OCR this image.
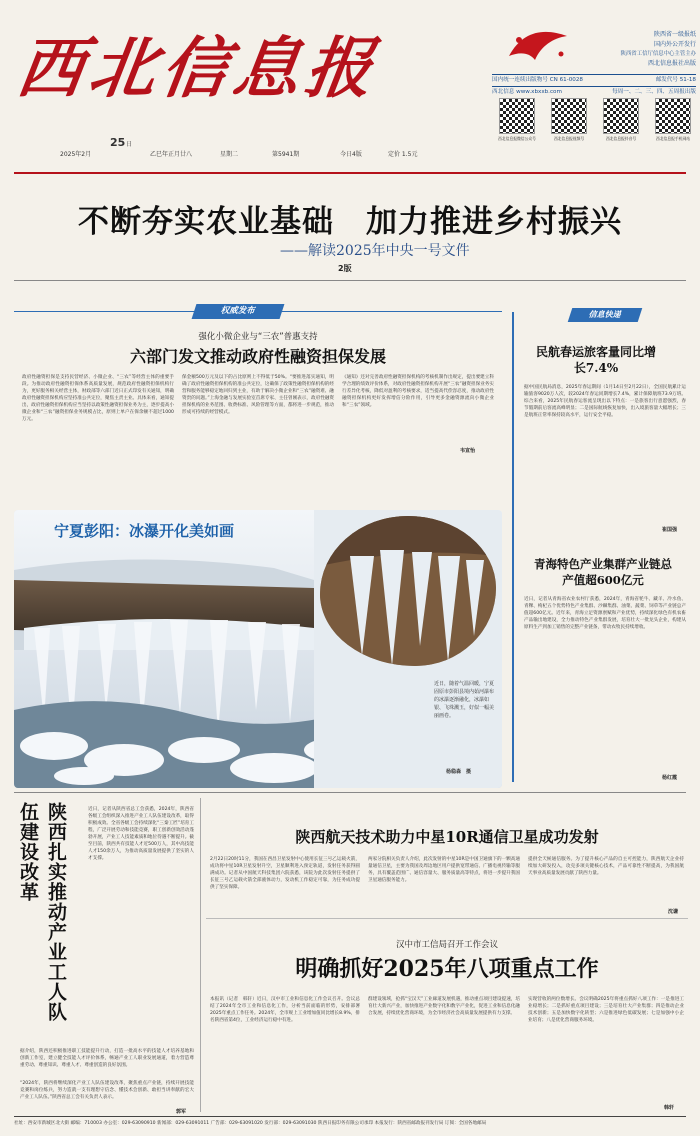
西北信息报	陕西省一级报纸
国内外公开发行
陕西省工信厅信息中心主管主办
西北信息报社出版
国内统一连续出版物号 CN 61-0028	邮发代号 51-18
西北信息 www.xbxxb.com	每周一、二、三、四、五周报出版
西北信息报微信公众号	西北信息报视频号	西北信息报抖音号	西北信息报手机网站
25 日
2025年2月	乙巳年正月廿八	星期二	第5941期	今日4版	定价 1.5元
不断夯实农业基础　加力推进乡村振兴
——解读2025年中央一号文件
2版
权威发布
强化小微企业与“三农”普惠支持
六部门发文推动政府性融资担保发展
政府性融资担保是支持民营经济、小微企业、“三农”等经营主体的重要手段。为推动政府性融资担保体系高质量发展，规范政府性融资担保机构行为，更好服务相关经营主体，财政部等六部门近日正式印发有关通知，明确政府性融资担保机构应坚持准公共定位，聚焦主责主业。具体来看，通知提出，政府性融资担保机构应当坚持以政策性融资担保业务为主，逐步提高小微企业和“三农”融资担保业务规模占比，原则上单户在保余额不超过1000万元。
保金额500万元及以下的占比原则上不得低于50%。“要推进落实通知，明确了政府性融资担保机构的准公共定位，这确保了政策性融资担保机构的经营和服务能够稳定地回归到主业，有助于解决小微企业和“三农”融资难、融资贵的问题。”上海金融与发展实验室首席专家、主任曾刚表示，政府性融资担保机构的业务范围、收费标准、风险管理等方面，都将进一步规范，推动形成可持续的经营模式。
《通知》还对完善政府性融资担保机构的考核机制作出规定，提出要建立科学合理的绩效评价体系，对政府性融资担保机构开展“三农”融资担保业务实行差异化考核，降低对盈利的考核要求，适当提高代偿容忍度，推动政府性融资担保机构更好发挥增信分险作用，引导更多金融资源流向小微企业和“三农”领域。
韦宣怡
宁夏彭阳：冰瀑开化美如画
近日，随着气温回暖，宁夏固原市彭阳县境内茹河瀑布的冰瀑逐渐融化，冰瀑如银、飞珠溅玉，好似一幅美丽画卷。
杨稳森　摄
信息快递
民航春运旅客量同比增长7.4%
据中国民航局消息，2025年春运期间（1月14日至2月22日），全国民航累计运输旅客9020万人次，较2024年春运同期增长7.4%，累计保障航班73.9万班。综合来看，2025年民航春运客流呈现出以下特点：一是旅客出行意愿强烈，春节假期前后客流高峰明显；二是国际航线恢复加快，出入境旅客量大幅增长；三是航班正常率保持较高水平，运行安全平稳。
崔国强
青海特色产业集群产业链总产值超600亿元
近日，记者从青海省农业农村厅获悉，2024年，青海省牦牛、藏羊、冷水鱼、青稞、枸杞五个优势特色产业集群、沙棘集群、油菜、蔬菜、饲草等产业链总产值超600亿元。近年来，青海立足资源禀赋和产业优势，持续深化绿色有机农畜产品输出地建设，全力推动特色产业集群发展，培育壮大一批龙头企业，构建从原料生产到加工销售的完整产业链条，带动农牧民持续增收。
杨红霞
陕西扎实推动产业工人队伍建设改革	近日，记者从陕西省总工会获悉，2024年，陕西省各级工会组织深入推进产业工人队伍建设改革，取得积极成效。全省各级工会持续深化“三秦工匠”培育工程，广泛开展劳动和技能竞赛，职工创新创效活动蓬勃开展，产业工人技能素质和地位待遇不断提升。截至目前，陕西共有技能人才近500万人，其中高技能人才150余万人，为推动高质量发展提供了坚实的人才支撑。
据介绍，陕西还积极推进职工技能提升行动，打造一批高水平的技能人才培养基地和创新工作室，建立健全技能人才评价体系，畅通产业工人职业发展通道，着力营造尊重劳动、尊重知识、尊重人才、尊重创造的良好氛围。
“2024年，陕西将继续深化产业工人队伍建设改革，聚焦重点产业链，持续开展技能竞赛和岗位练兵，努力造就一支有理想守信念、懂技术会创新、敢担当讲奉献的宏大产业工人队伍。”陕西省总工会有关负责人表示。
郭军
陕西航天技术助力中星10R通信卫星成功发射
2月22日20时11分，我国在西昌卫星发射中心使用长征三号乙运载火箭，成功将中星10R卫星发射升空，卫星顺利进入预定轨道，发射任务获得圆满成功。记者从中国航天科技集团六院获悉，该院为此次发射任务提供了长征三号乙运载火箭全部液体动力，发动机工作稳定可靠，为任务成功提供了坚实保障。
两家分院相关负责人介绍，此次发射的中星10R是中国卫通旗下的一颗高通量通信卫星，主要为我国及周边地区用户提供宽带通信、广播电视传输等服务，具有覆盖范围广、通信容量大、服务质量高等特点，将进一步提升我国卫星通信服务能力。
提供全天候通信服务。为了提升核心产品的自主可控能力，陕西航天企业持续加大研发投入，攻克多项关键核心技术，产品可靠性不断提高，为我国航天事业高质量发展贡献了陕西力量。
沈谦
汉中市工信局召开工作会议
明确抓好2025年八项重点工作
本报讯（记者　韩轩）近日，汉中市工业和信息化工作会议召开。会议总结了2024年全市工业和信息化工作，分析当前面临的形势，安排部署2025年重点工作任务。2024年，全市规上工业增加值同比增长8.9%，排名陕西省第4位，工业经济运行稳中有进。
群建设领域，抢抓“宝汉天”工业廊道发展机遇，推动重点项目建设提速，培育壮大新兴产业，加快推进产业数字化和数字产业化，促进工业和信息化融合发展，持续优化营商环境，为全市经济社会高质量发展提供有力支撑。
实现营收的两位数增长。会议明确2025年将重点抓好八项工作：一是推进工业稳增长；二是抓好重点项目建设；三是培育壮大产业集群；四是推动企业技术创新；五是加快数字化转型；六是推进绿色低碳发展；七是加强中小企业培育；八是优化营商服务环境。
韩轩
社址：西安市新城区北大街 邮编：710003 办公室：029-63090910 新闻部：029-63091011 广告部：029-63091020 发行部：029-63091030 陕西日报印务有限公司承印 本报发行：陕西省邮政报刊发行局 订阅：全国各地邮局
